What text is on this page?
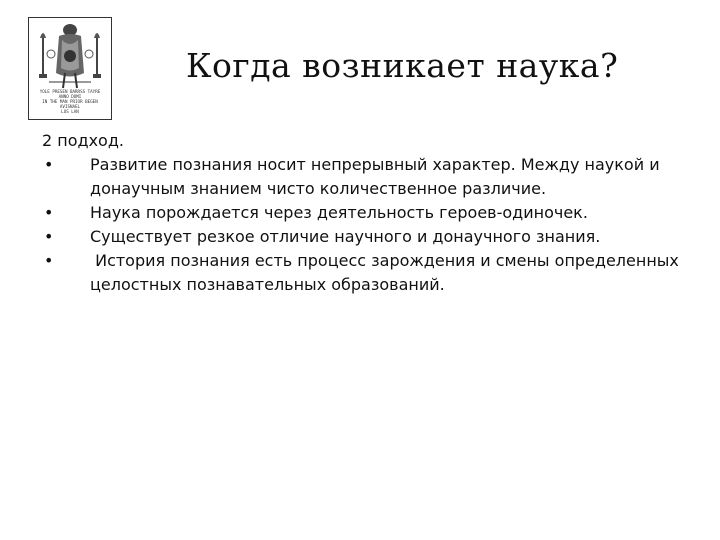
YOLE PRESEN BARRSS TAYRE
ANNO DOMI
IN THE MAN PRIOR BEGEN
AVISNAEL
LOS LAN
Когда возникает наука?

2 подход.

• Развитие познания носит непрерывный характер. Между наукой и донаучным знанием чисто количественное различие.
• Наука порождается через деятельность героев-одиночек.
• Существует резкое отличие научного и донаучного знания.
• История познания есть процесс зарождения и смены определенных целостных познавательных образований.
